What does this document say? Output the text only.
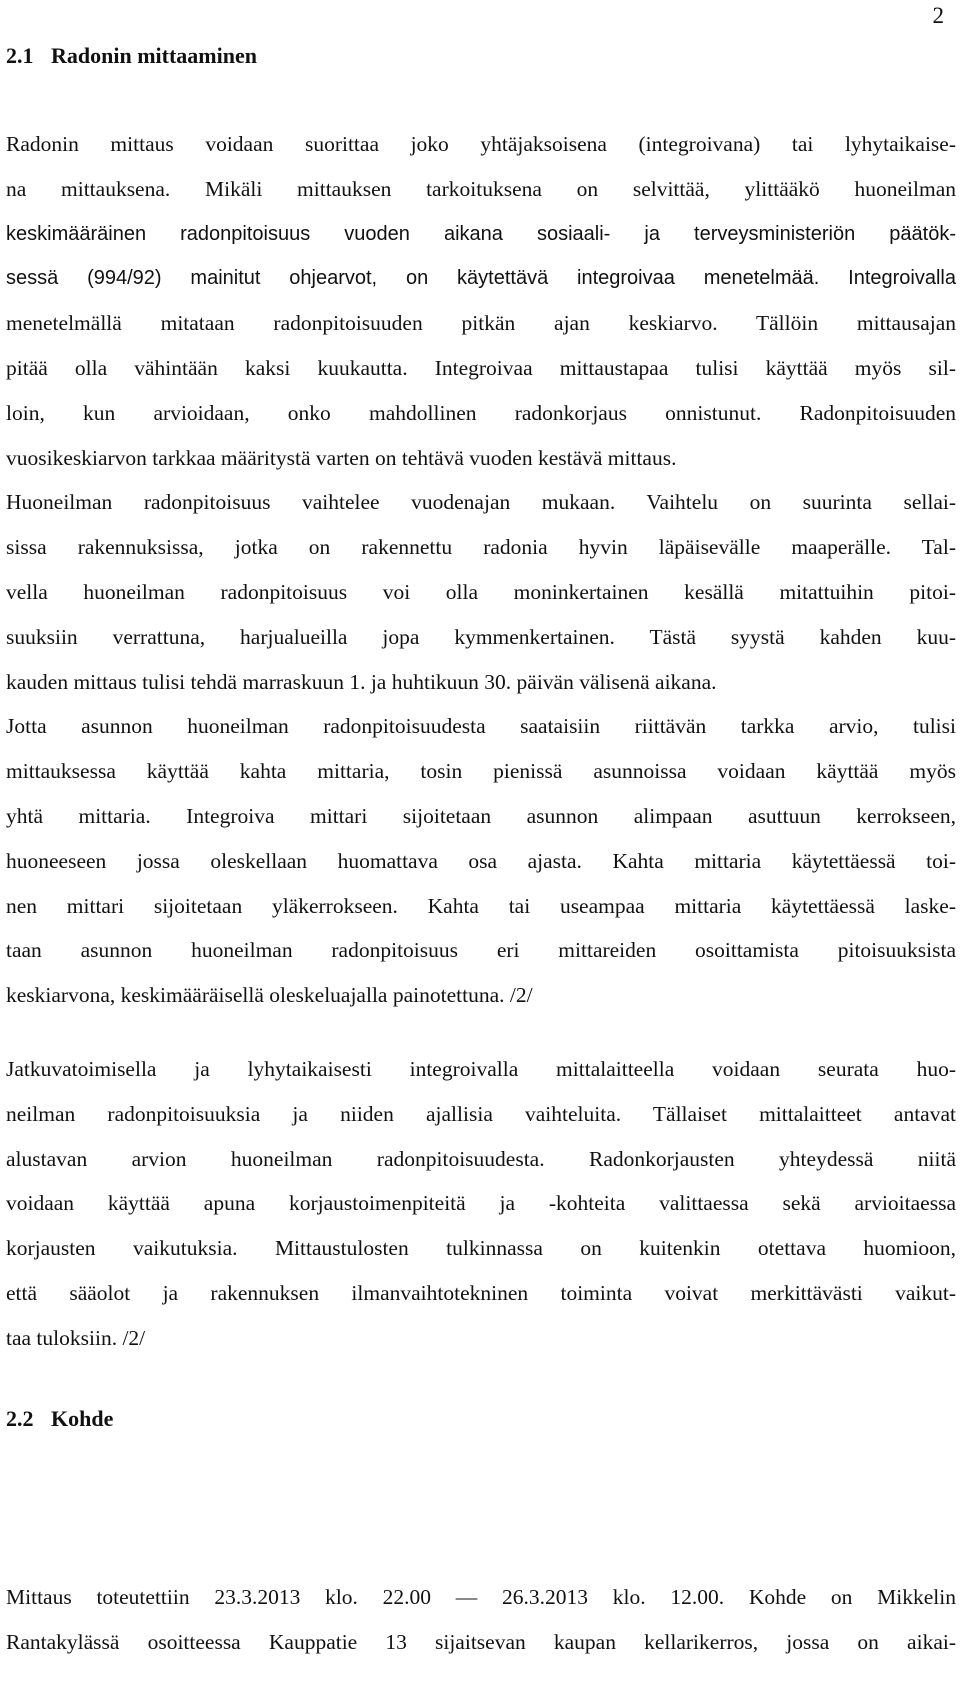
2
2.1 Radonin mittaaminen
Radonin mittaus voidaan suorittaa joko yhtäjaksoisena (integroivana) tai lyhytaikaise-
na mittauksena. Mikäli mittauksen tarkoituksena on selvittää, ylittääkö huoneilman
keskimääräinen radonpitoisuus vuoden aikana sosiaali- ja terveysministeriön päätök-
sessä (994/92) mainitut ohjearvot, on käytettävä integroivaa menetelmää. Integroivalla
menetelmällä mitataan radonpitoisuuden pitkän ajan keskiarvo. Tällöin mittausajan
pitää olla vähintään kaksi kuukautta. Integroivaa mittaustapaa tulisi käyttää myös sil-
loin, kun arvioidaan, onko mahdollinen radonkorjaus onnistunut. Radonpitoisuuden
vuosikeskiarvon tarkkaa määritystä varten on tehtävä vuoden kestävä mittaus.
Huoneilman radonpitoisuus vaihtelee vuodenajan mukaan. Vaihtelu on suurinta sellai-
sissa rakennuksissa, jotka on rakennettu radonia hyvin läpäisevälle maaperälle. Tal-
vella huoneilman radonpitoisuus voi olla moninkertainen kesällä mitattuihin pitoi-
suuksiin verrattuna, harjualueilla jopa kymmenkertainen. Tästä syystä kahden kuu-
kauden mittaus tulisi tehdä marraskuun 1. ja huhtikuun 30. päivän välisenä aikana.
Jotta asunnon huoneilman radonpitoisuudesta saataisiin riittävän tarkka arvio, tulisi
mittauksessa käyttää kahta mittaria, tosin pienissä asunnoissa voidaan käyttää myös
yhtä mittaria. Integroiva mittari sijoitetaan asunnon alimpaan asuttuun kerrokseen,
huoneeseen jossa oleskellaan huomattava osa ajasta. Kahta mittaria käytettäessä toi-
nen mittari sijoitetaan yläkerrokseen. Kahta tai useampaa mittaria käytettäessä laske-
taan asunnon huoneilman radonpitoisuus eri mittareiden osoittamista pitoisuuksista
keskiarvona, keskimääräisellä oleskeluajalla painotettuna. /2/
Jatkuvatoimisella ja lyhytaikaisesti integroivalla mittalaitteella voidaan seurata huo-
neilman radonpitoisuuksia ja niiden ajallisia vaihteluita. Tällaiset mittalaitteet antavat
alustavan arvion huoneilman radonpitoisuudesta. Radonkorjausten yhteydessä niitä
voidaan käyttää apuna korjaustoimenpiteitä ja -kohteita valittaessa sekä arvioitaessa
korjausten vaikutuksia. Mittaustulosten tulkinnassa on kuitenkin otettava huomioon,
että sääolot ja rakennuksen ilmanvaihtotekninen toiminta voivat merkittävästi vaikut-
taa tuloksiin. /2/
2.2 Kohde
Mittaus toteutettiin 23.3.2013 klo. 22.00 — 26.3.2013 klo. 12.00. Kohde on Mikkelin
Rantakylässä osoitteessa Kauppatie 13 sijaitsevan kaupan kellarikerros, jossa on aikai-
